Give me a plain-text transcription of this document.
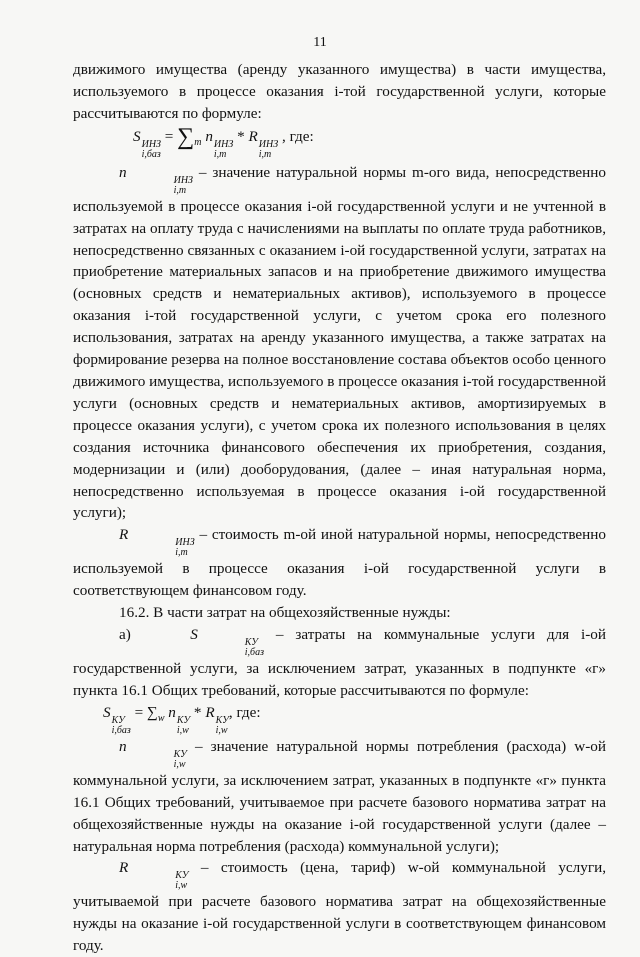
11

движимого имущества (аренду указанного имущества) в части имущества, используемого в процессе оказания i-той государственной услуги, которые рассчитываются по формуле:

S ИНЗ
i,баз
= $\sum_m$ n ИНЗ
i,m
* R ИНЗ
i,m
, где:

n	ИНЗ
i,m
– значение натуральной нормы m-ого вида, непосредственно используемой в процессе оказания i-ой государственной услуги и не учтенной в затратах на оплату труда с начислениями на выплаты по оплате труда работников, непосредственно связанных с оказанием i-ой государственной услуги, затратах на приобретение материальных запасов и на приобретение движимого имущества (основных средств и нематериальных активов), используемого в процессе оказания i-той государственной услуги, с учетом срока его полезного использования, затратах на аренду указанного имущества, а также затратах на формирование резерва на полное восстановление состава объектов особо ценного движимого имущества, используемого в процессе оказания i-той государственной услуги (основных средств и нематериальных активов, амортизируемых в процессе оказания услуги), с учетом срока их полезного использования в целях создания источника финансового обеспечения их приобретения, создания, модернизации и (или) дооборудования, (далее – иная натуральная норма, непосредственно используемая в процессе оказания i-ой государственной услуги);

R	ИНЗ
i,m
– стоимость m-ой иной натуральной нормы, непосредственно используемой в процессе оказания i-ой государственной услуги в соответствующем финансовом году.

16.2. В части затрат на общехозяйственные нужды:

а)	S	КУ
i,баз
– затраты на коммунальные услуги для i-ой государственной услуги, за исключением затрат, указанных в подпункте «г» пункта 16.1 Общих требований, которые рассчитываются по формуле:

S КУ
i,баз
= $\sum_w$ n КУ
i,w
* R КУ
i,w
, где:

n	КУ
i,w
– значение натуральной нормы потребления (расхода) w-ой коммунальной услуги, за исключением затрат, указанных в подпункте «г» пункта 16.1 Общих требований, учитываемое при расчете базового норматива затрат на общехозяйственные нужды на оказание i-ой государственной услуги (далее – натуральная норма потребления (расхода) коммунальной услуги);

R	КУ
i,w
– стоимость (цена, тариф) w-ой коммунальной услуги, учитываемой при расчете базового норматива затрат на общехозяйственные нужды на оказание i-ой государственной услуги в соответствующем финансовом году.
